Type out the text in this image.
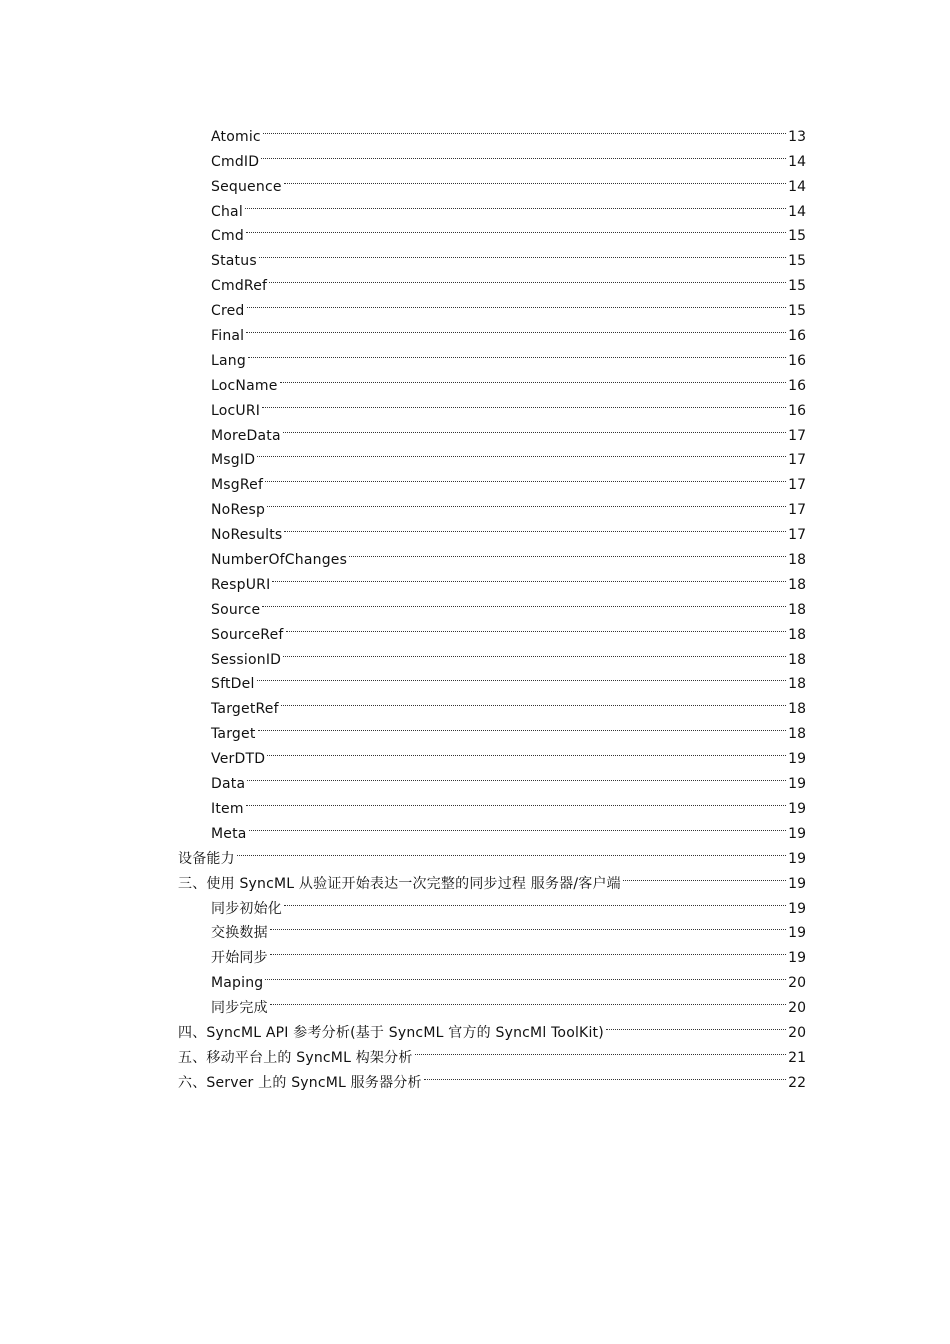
Atomic	13
CmdID	14
Sequence	14
Chal	14
Cmd	15
Status	15
CmdRef	15
Cred	15
Final	16
Lang	16
LocName	16
LocURI	16
MoreData	17
MsgID	17
MsgRef	17
NoResp	17
NoResults	17
NumberOfChanges	18
RespURI	18
Source	18
SourceRef	18
SessionID	18
SftDel	18
TargetRef	18
Target	18
VerDTD	19
Data	19
Item	19
Meta	19
设备能力	19
三、使用 SyncML 从验证开始表达一次完整的同步过程 服务器/客户端	19
同步初始化	19
交换数据	19
开始同步	19
Maping	20
同步完成	20
四、SyncML API 参考分析(基于 SyncML 官方的 SyncMl ToolKit)	20
五、移动平台上的 SyncML 构架分析	21
六、Server 上的 SyncML 服务器分析	22
